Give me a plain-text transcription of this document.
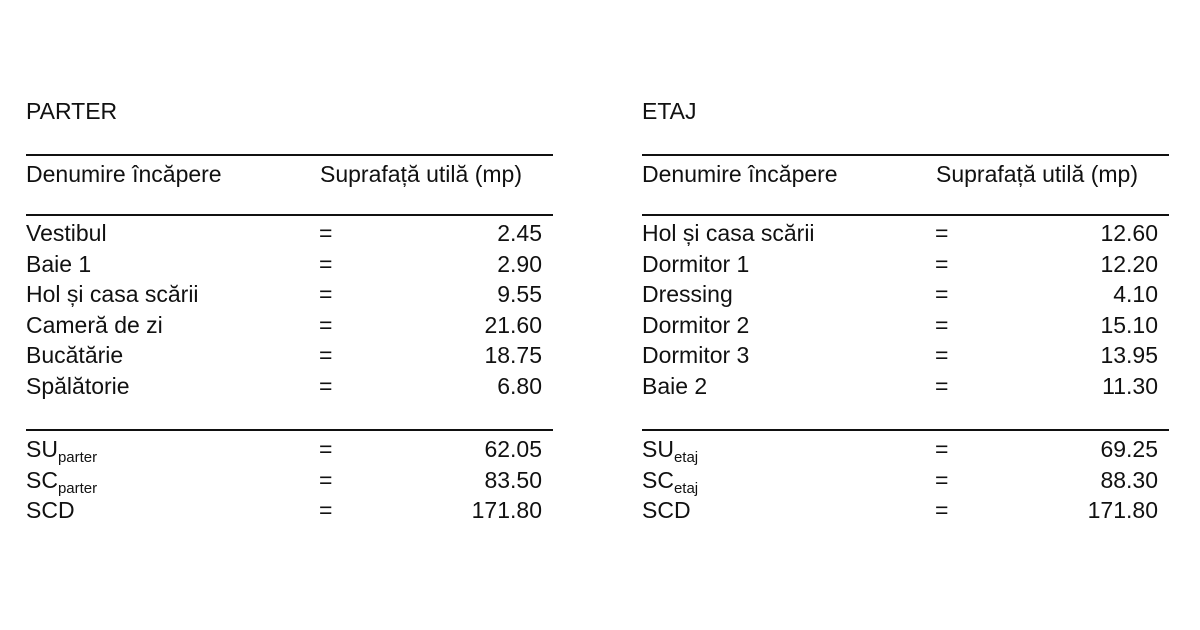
PARTER
Denumire încăpere	Suprafață utilă (mp)
Vestibul	=	2.45
Baie 1	=	2.90
Hol și casa scării	=	9.55
Cameră de zi	=	21.60
Bucătărie	=	18.75
Spălătorie	=	6.80
$SU_{parter}$	=	62.05
$SC_{parter}$	=	83.50
SCD	=	171.80
ETAJ
Denumire încăpere	Suprafață utilă (mp)
Hol și casa scării	=	12.60
Dormitor 1	=	12.20
Dressing	=	4.10
Dormitor 2	=	15.10
Dormitor 3	=	13.95
Baie 2	=	11.30
$SU_{etaj}$	=	69.25
$SC_{etaj}$	=	88.30
SCD	=	171.80
